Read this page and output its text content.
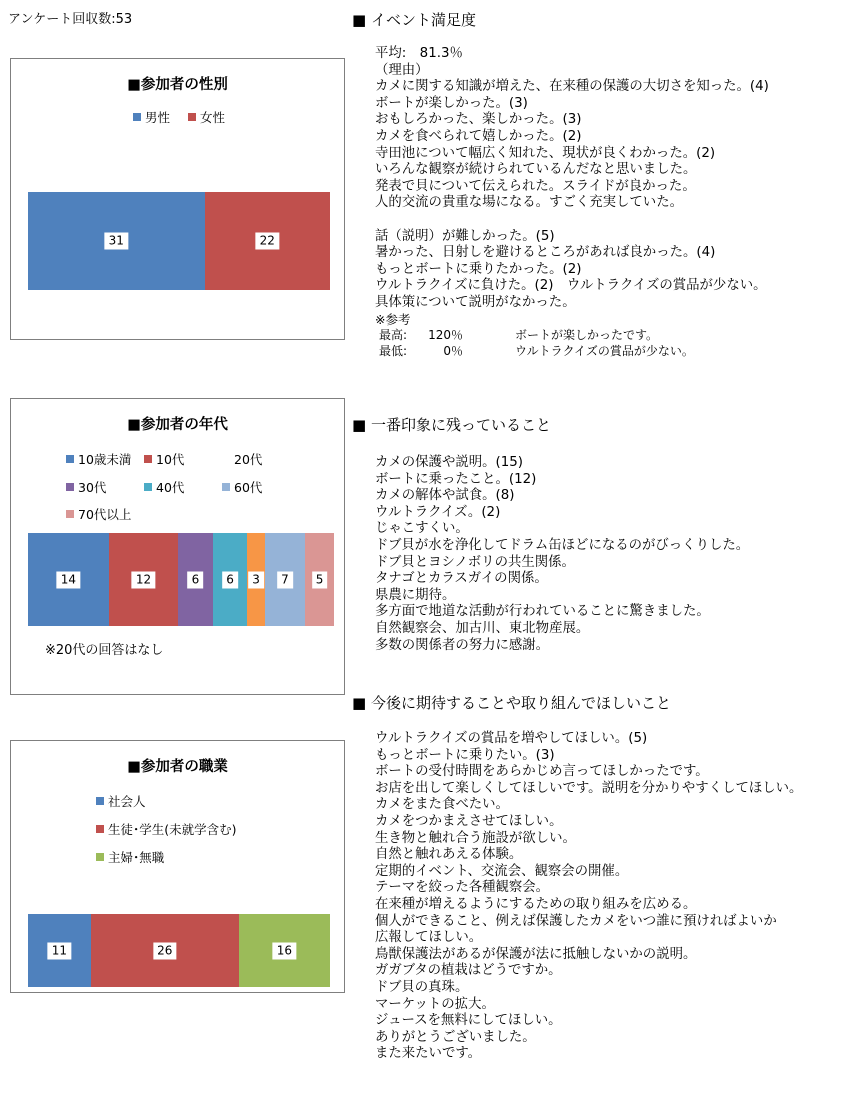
アンケート回収数:53
■参加者の性別
男性	女性
31	22
■参加者の年代
10歳未満	10代	20代
30代	40代	60代
70代以上
14	12	6	6	3	7	5
※20代の回答はなし
■参加者の職業
社会人
生徒･学生(未就学含む)
主婦･無職
11	26	16
■ イベント満足度

平均:　81.3％

（理由）

カメに関する知識が増えた、在来種の保護の大切さを知った。(4)

ボートが楽しかった。(3)

おもしろかった、楽しかった。(3)

カメを食べられて嬉しかった。(2)

寺田池について幅広く知れた、現状が良くわかった。(2)

いろんな観察が続けられているんだなと思いました。

発表で貝について伝えられた。スライドが良かった。

人的交流の貴重な場になる。すごく充実していた。

話（説明）が難しかった。(5)

暑かった、日射しを避けるところがあれば良かった。(4)

もっとボートに乗りたかった。(2)

ウルトラクイズに負けた。(2)　ウルトラクイズの賞品が少ない。

具体策について説明がなかった。

※参考

最高:	120％	ボートが楽しかったです。
最低:	0％	ウルトラクイズの賞品が少ない。
■ 一番印象に残っていること

カメの保護や説明。(15)

ボートに乗ったこと。(12)

カメの解体や試食。(8)

ウルトラクイズ。(2)

じゃこすくい。

ドブ貝が水を浄化してドラム缶ほどになるのがびっくりした。

ドブ貝とヨシノボリの共生関係。

タナゴとカラスガイの関係。

県農に期待。

多方面で地道な活動が行われていることに驚きました。

自然観察会、加古川、東北物産展。

多数の関係者の努力に感謝。

■ 今後に期待することや取り組んでほしいこと

ウルトラクイズの賞品を増やしてほしい。(5)

もっとボートに乗りたい。(3)

ボートの受付時間をあらかじめ言ってほしかったです。

お店を出して楽しくしてほしいです。説明を分かりやすくしてほしい。

カメをまた食べたい。

カメをつかまえさせてほしい。

生き物と触れ合う施設が欲しい。

自然と触れあえる体験。

定期的イベント、交流会、観察会の開催。

テーマを絞った各種観察会。

在来種が増えるようにするための取り組みを広める。

個人ができること、例えば保護したカメをいつ誰に預ければよいか

広報してほしい。

鳥獣保護法があるが保護が法に抵触しないかの説明。

ガガブタの植栽はどうですか。

ドブ貝の真珠。

マーケットの拡大。

ジュースを無料にしてほしい。

ありがとうございました。

また来たいです。
